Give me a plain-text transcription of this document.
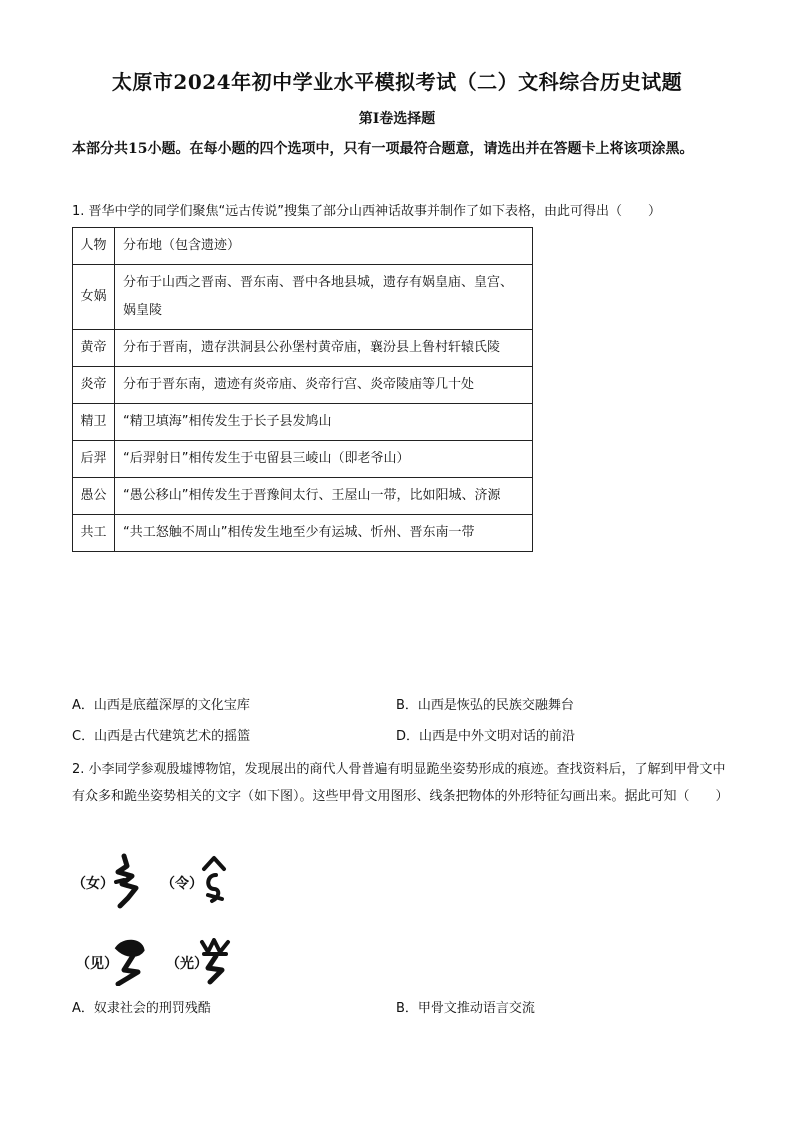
太原市2024年初中学业水平模拟考试（二）文科综合历史试题
第I卷选择题
本部分共15小题。在每小题的四个选项中，只有一项最符合题意，请选出并在答题卡上将该项涂黑。
1. 晋华中学的同学们聚焦“远古传说”搜集了部分山西神话故事并制作了如下表格，由此可得出（　　）
人物	分布地（包含遗迹）
女娲	分布于山西之晋南、晋东南、晋中各地县城，遗存有娲皇庙、皇宫、娲皇陵
黄帝	分布于晋南，遗存洪洞县公孙堡村黄帝庙，襄汾县上鲁村轩辕氏陵
炎帝	分布于晋东南，遗迹有炎帝庙、炎帝行宫、炎帝陵庙等几十处
精卫	“精卫填海”相传发生于长子县发鸠山
后羿	“后羿射日”相传发生于屯留县三崚山（即老爷山）
愚公	“愚公移山”相传发生于晋豫间太行、王屋山一带，比如阳城、济源
共工	“共工怒触不周山”相传发生地至少有运城、忻州、晋东南一带
A．山西是底蕴深厚的文化宝库	B．山西是恢弘的民族交融舞台
C．山西是古代建筑艺术的摇篮	D．山西是中外文明对话的前沿
2. 小李同学参观殷墟博物馆，发现展出的商代人骨普遍有明显跪坐姿势形成的痕迹。查找资料后，了解到甲骨文中有众多和跪坐姿势相关的文字（如下图）。这些甲骨文用图形、线条把物体的外形特征勾画出来。据此可知（　　）
（女）	（令）
（见）	（光）
A．奴隶社会的刑罚残酷	B．甲骨文推动语言交流
